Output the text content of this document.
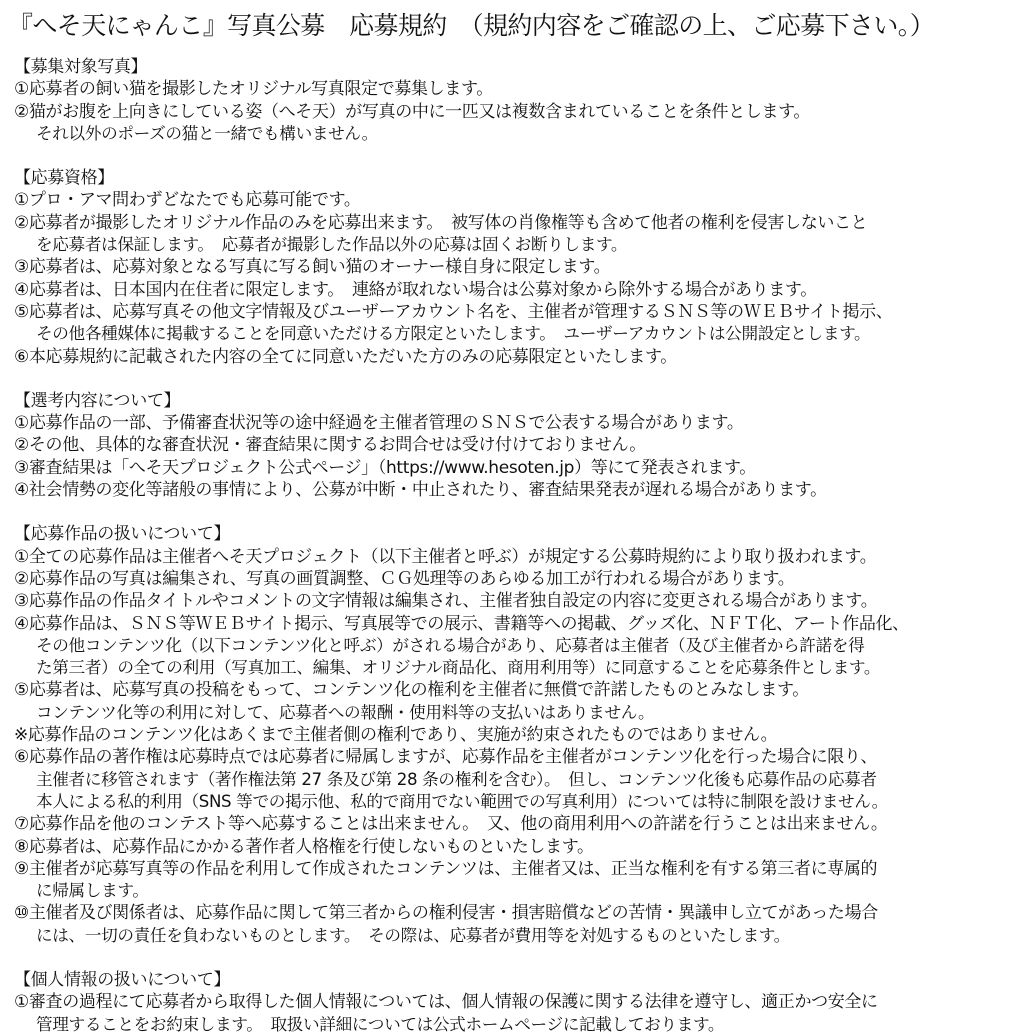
『へそ天にゃんこ』写真公募　応募規約　（規約内容をご確認の上、ご応募下さい。）
【募集対象写真】
①応募者の飼い猫を撮影したオリジナル写真限定で募集します。
②猫がお腹を上向きにしている姿（へそ天）が写真の中に一匹又は複数含まれていることを条件とします。
それ以外のポーズの猫と一緒でも構いません。
【応募資格】
①プロ・アマ問わずどなたでも応募可能です。
②応募者が撮影したオリジナル作品のみを応募出来ます。　被写体の肖像権等も含めて他者の権利を侵害しないこと
を応募者は保証します。　応募者が撮影した作品以外の応募は固くお断りします。
③応募者は、応募対象となる写真に写る飼い猫のオーナー様自身に限定します。
④応募者は、日本国内在住者に限定します。　連絡が取れない場合は公募対象から除外する場合があります。
⑤応募者は、応募写真その他文字情報及びユーザーアカウント名を、主催者が管理するＳＮＳ等のＷＥＢサイト掲示、
その他各種媒体に掲載することを同意いただける方限定といたします。　ユーザーアカウントは公開設定とします。
⑥本応募規約に記載された内容の全てに同意いただいた方のみの応募限定といたします。
【選考内容について】
①応募作品の一部、予備審査状況等の途中経過を主催者管理のＳＮＳで公表する場合があります。
②その他、具体的な審査状況・審査結果に関するお問合せは受け付けておりません。
③審査結果は「へそ天プロジェクト公式ページ」（https://www.hesoten.jp）等にて発表されます。
④社会情勢の変化等諸般の事情により、公募が中断・中止されたり、審査結果発表が遅れる場合があります。
【応募作品の扱いについて】
①全ての応募作品は主催者へそ天プロジェクト（以下主催者と呼ぶ）が規定する公募時規約により取り扱われます。
②応募作品の写真は編集され、写真の画質調整、ＣＧ処理等のあらゆる加工が行われる場合があります。
③応募作品の作品タイトルやコメントの文字情報は編集され、主催者独自設定の内容に変更される場合があります。
④応募作品は、ＳＮＳ等ＷＥＢサイト掲示、写真展等での展示、書籍等への掲載、グッズ化、ＮＦＴ化、アート作品化、
その他コンテンツ化（以下コンテンツ化と呼ぶ）がされる場合があり、応募者は主催者（及び主催者から許諾を得
た第三者）の全ての利用（写真加工、編集、オリジナル商品化、商用利用等）に同意することを応募条件とします。
⑤応募者は、応募写真の投稿をもって、コンテンツ化の権利を主催者に無償で許諾したものとみなします。
コンテンツ化等の利用に対して、応募者への報酬・使用料等の支払いはありません。
※応募作品のコンテンツ化はあくまで主催者側の権利であり、実施が約束されたものではありません。
⑥応募作品の著作権は応募時点では応募者に帰属しますが、応募作品を主催者がコンテンツ化を行った場合に限り、
主催者に移管されます（著作権法第 27 条及び第 28 条の権利を含む）。　但し、コンテンツ化後も応募作品の応募者
本人による私的利用（SNS 等での掲示他、私的で商用でない範囲での写真利用）については特に制限を設けません。
⑦応募作品を他のコンテスト等へ応募することは出来ません。　又、他の商用利用への許諾を行うことは出来ません。
⑧応募者は、応募作品にかかる著作者人格権を行使しないものといたします。
⑨主催者が応募写真等の作品を利用して作成されたコンテンツは、主催者又は、正当な権利を有する第三者に専属的
に帰属します。
⑩主催者及び関係者は、応募作品に関して第三者からの権利侵害・損害賠償などの苦情・異議申し立てがあった場合
には、一切の責任を負わないものとします。　その際は、応募者が費用等を対処するものといたします。
【個人情報の扱いについて】
①審査の過程にて応募者から取得した個人情報については、個人情報の保護に関する法律を遵守し、適正かつ安全に
管理することをお約束します。　取扱い詳細については公式ホームページに記載しております。
